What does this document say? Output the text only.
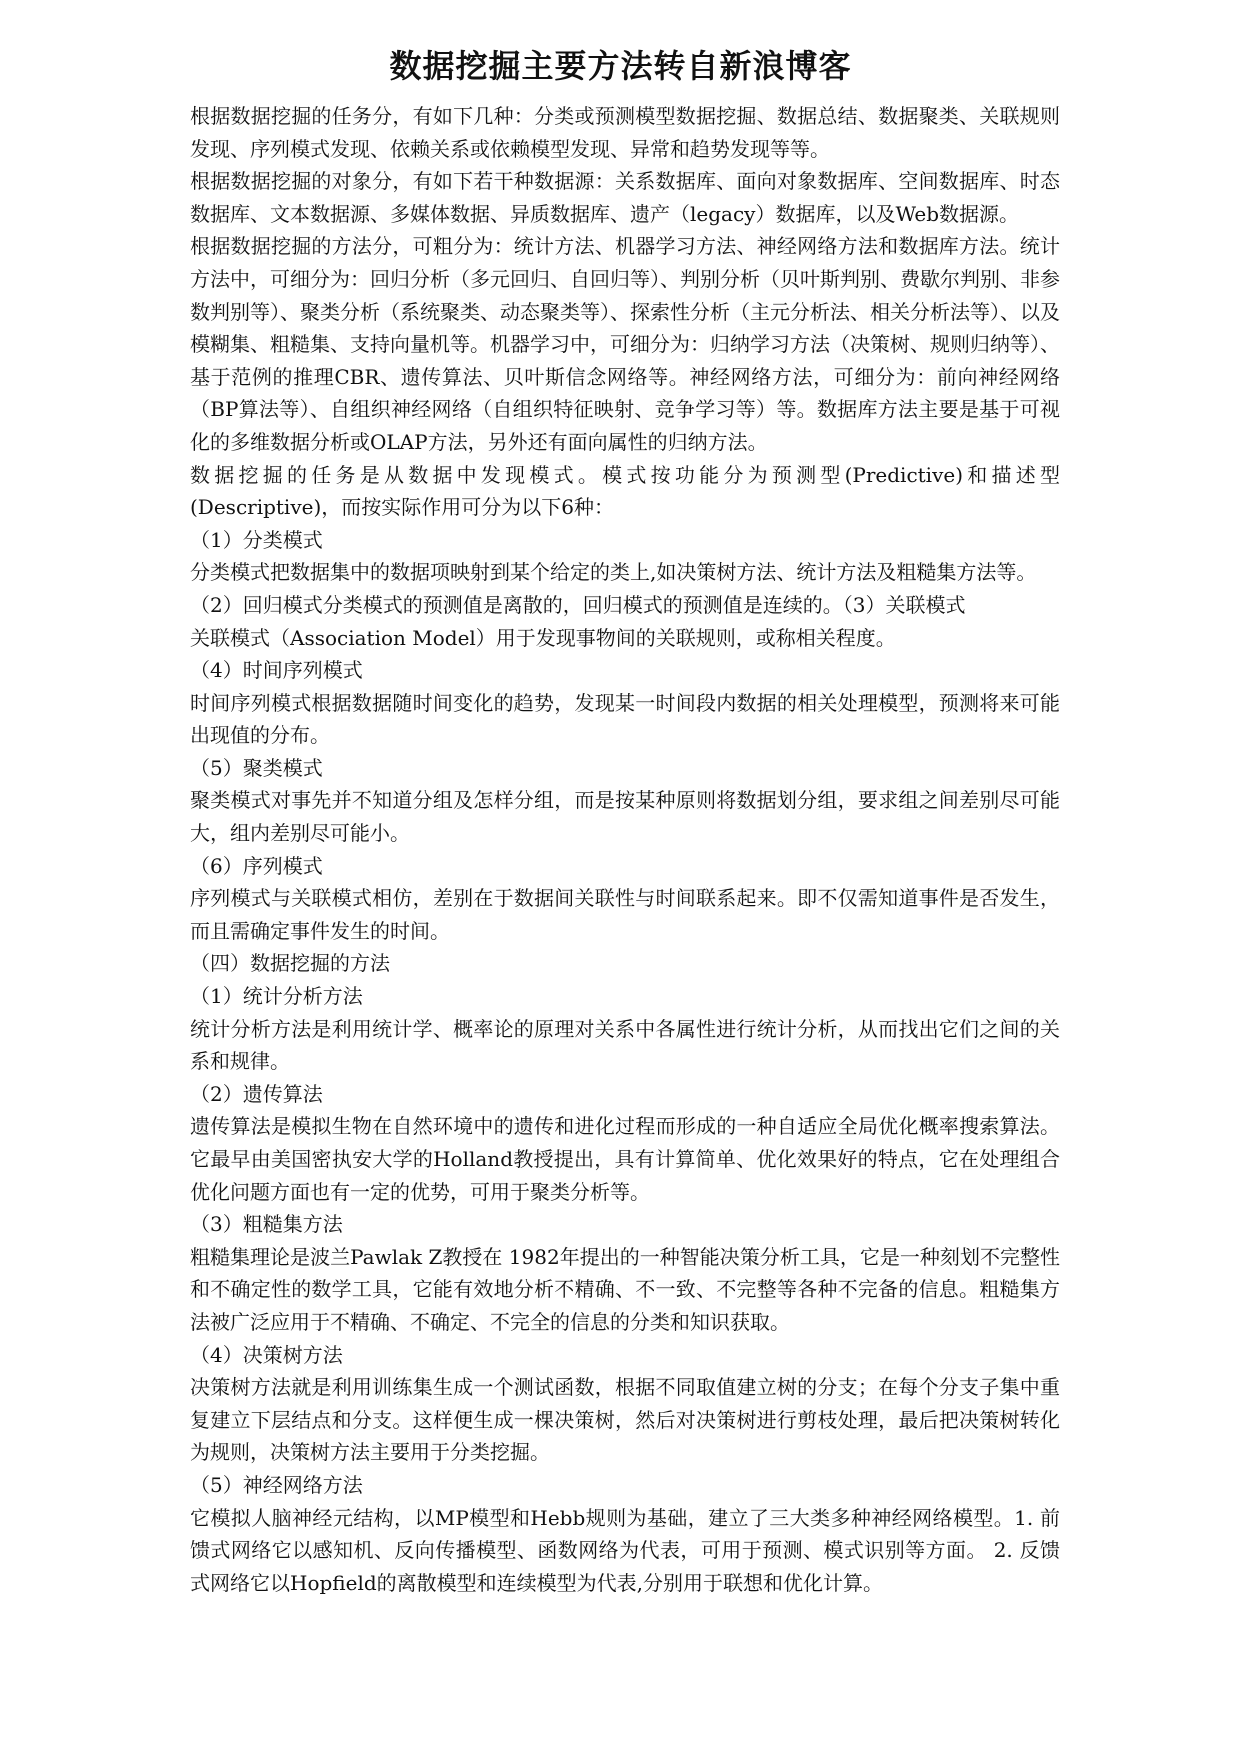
数据挖掘主要方法转自新浪博客

根据数据挖掘的任务分，有如下几种：分类或预测模型数据挖掘、数据总结、数据聚类、关联规则发现、序列模式发现、依赖关系或依赖模型发现、异常和趋势发现等等。

根据数据挖掘的对象分，有如下若干种数据源：关系数据库、面向对象数据库、空间数据库、时态数据库、文本数据源、多媒体数据、异质数据库、遗产（legacy）数据库，以及Web数据源。

根据数据挖掘的方法分，可粗分为：统计方法、机器学习方法、神经网络方法和数据库方法。统计方法中，可细分为：回归分析（多元回归、自回归等）、判别分析（贝叶斯判别、费歇尔判别、非参数判别等）、聚类分析（系统聚类、动态聚类等）、探索性分析（主元分析法、相关分析法等）、以及模糊集、粗糙集、支持向量机等。机器学习中，可细分为：归纳学习方法（决策树、规则归纳等）、基于范例的推理CBR、遗传算法、贝叶斯信念网络等。神经网络方法，可细分为：前向神经网络（BP算法等）、自组织神经网络（自组织特征映射、竞争学习等）等。数据库方法主要是基于可视化的多维数据分析或OLAP方法，另外还有面向属性的归纳方法。

数据挖掘的任务是从数据中发现模式。模式按功能分为预测型(Predictive)和描述型(Descriptive)，而按实际作用可分为以下6种：

（1）分类模式

分类模式把数据集中的数据项映射到某个给定的类上,如决策树方法、统计方法及粗糙集方法等。

（2）回归模式分类模式的预测值是离散的，回归模式的预测值是连续的。（3）关联模式

关联模式（Association Model）用于发现事物间的关联规则，或称相关程度。

（4）时间序列模式

时间序列模式根据数据随时间变化的趋势，发现某一时间段内数据的相关处理模型，预测将来可能出现值的分布。

（5）聚类模式

聚类模式对事先并不知道分组及怎样分组，而是按某种原则将数据划分组，要求组之间差别尽可能大，组内差别尽可能小。

（6）序列模式

序列模式与关联模式相仿，差别在于数据间关联性与时间联系起来。即不仅需知道事件是否发生，而且需确定事件发生的时间。

（四）数据挖掘的方法

（1）统计分析方法

统计分析方法是利用统计学、概率论的原理对关系中各属性进行统计分析，从而找出它们之间的关系和规律。

（2）遗传算法

遗传算法是模拟生物在自然环境中的遗传和进化过程而形成的一种自适应全局优化概率搜索算法。它最早由美国密执安大学的Holland教授提出，具有计算简单、优化效果好的特点，它在处理组合优化问题方面也有一定的优势，可用于聚类分析等。

（3）粗糙集方法

粗糙集理论是波兰Pawlak Z教授在 1982年提出的一种智能决策分析工具，它是一种刻划不完整性和不确定性的数学工具，它能有效地分析不精确、不一致、不完整等各种不完备的信息。粗糙集方法被广泛应用于不精确、不确定、不完全的信息的分类和知识获取。

（4）决策树方法

决策树方法就是利用训练集生成一个测试函数，根据不同取值建立树的分支；在每个分支子集中重复建立下层结点和分支。这样便生成一棵决策树，然后对决策树进行剪枝处理，最后把决策树转化为规则，决策树方法主要用于分类挖掘。

（5）神经网络方法

它模拟人脑神经元结构，以MP模型和Hebb规则为基础，建立了三大类多种神经网络模型。1. 前馈式网络它以感知机、反向传播模型、函数网络为代表，可用于预测、模式识别等方面。 2. 反馈式网络它以Hopfield的离散模型和连续模型为代表,分别用于联想和优化计算。
